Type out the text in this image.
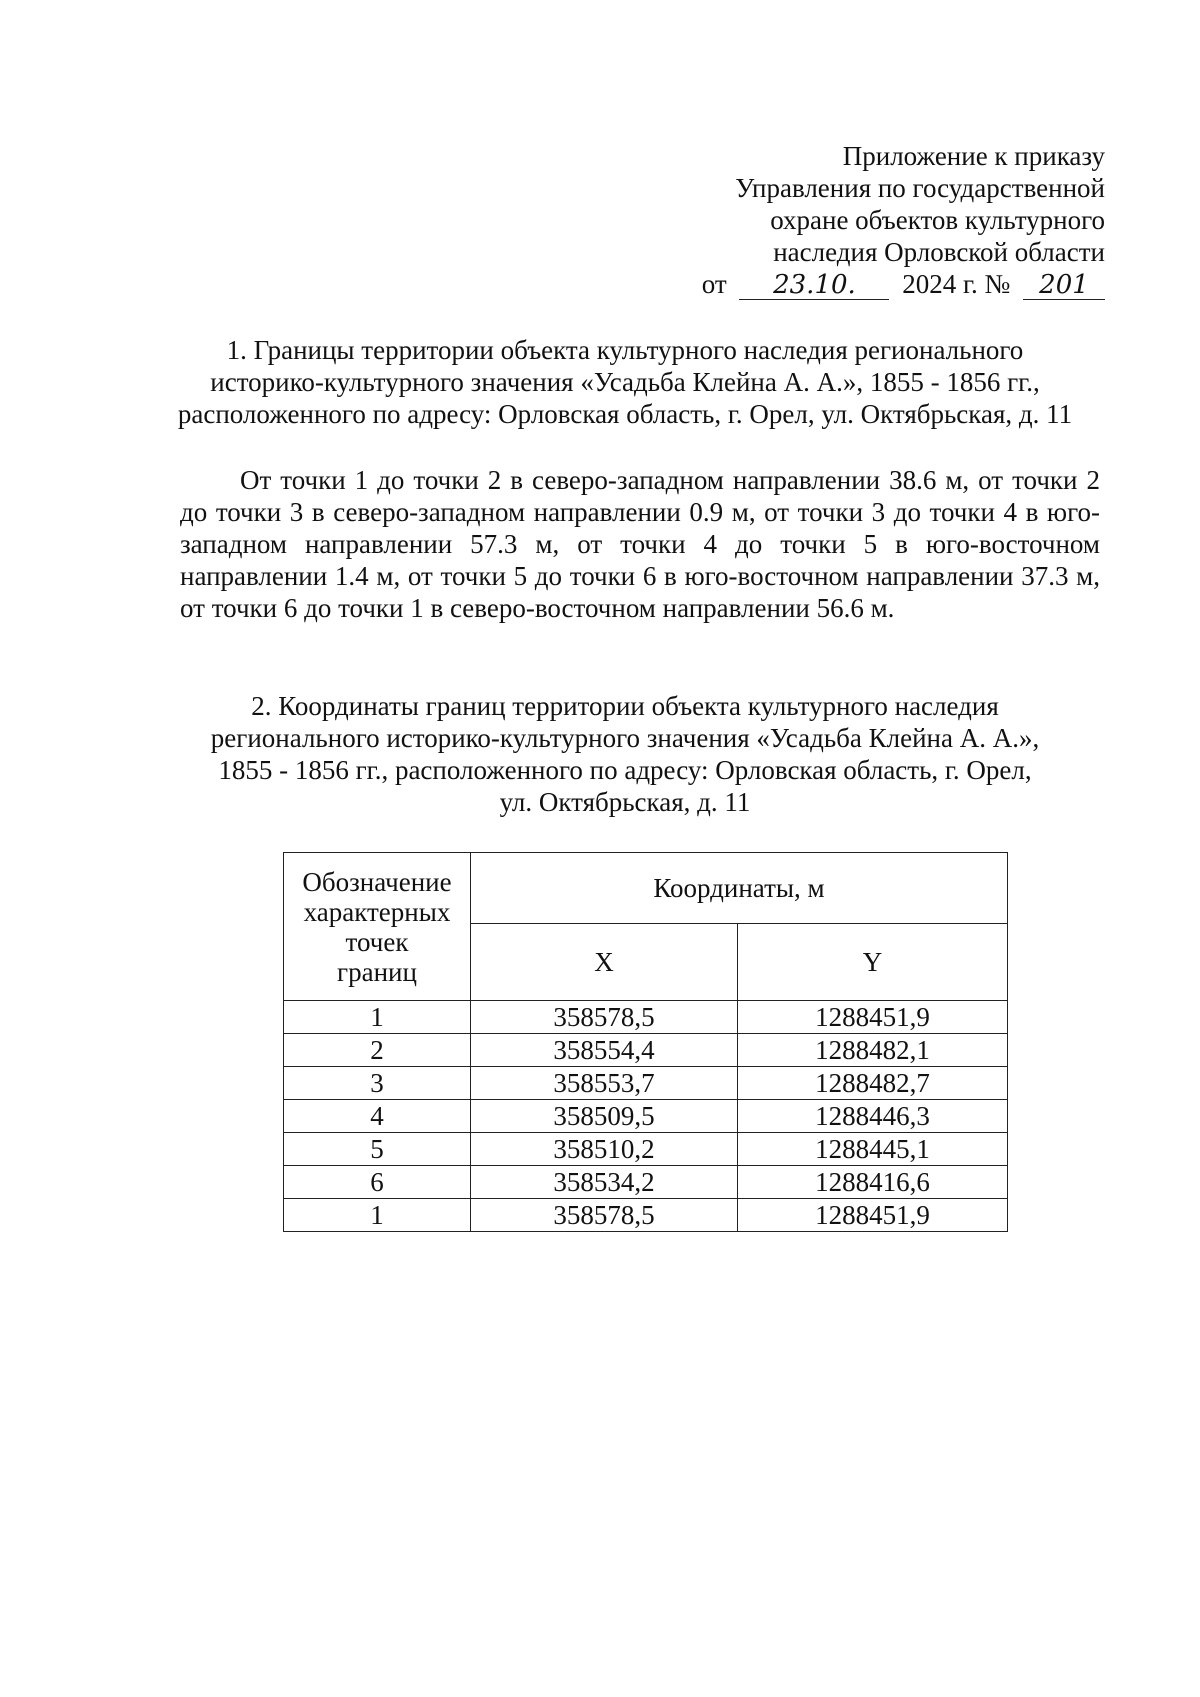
Приложение к приказу
Управления по государственной
охране объектов культурного
наследия Орловской области
от 23.10. 2024 г. № 201
1. Границы территории объекта культурного наследия регионального
историко-культурного значения «Усадьба Клейна А. А.», 1855 - 1856 гг.,
расположенного по адресу: Орловская область, г. Орел, ул. Октябрьская, д. 11

От точки 1 до точки 2 в северо-западном направлении 38.6 м, от точки 2 до точки 3 в северо-западном направлении 0.9 м, от точки 3 до точки 4 в юго-западном направлении 57.3 м, от точки 4 до точки 5 в юго-восточном направлении 1.4 м, от точки 5 до точки 6 в юго-восточном направлении 37.3 м, от точки 6 до точки 1 в северо-восточном направлении 56.6 м.

2. Координаты границ территории объекта культурного наследия
регионального историко-культурного значения «Усадьба Клейна А. А.»,
1855 - 1856 гг., расположенного по адресу: Орловская область, г. Орел,
ул. Октябрьская, д. 11
Обозначение
характерных
точек
границ	Координаты, м	
	X	Y
1	358578,5	1288451,9
2	358554,4	1288482,1
3	358553,7	1288482,7
4	358509,5	1288446,3
5	358510,2	1288445,1
6	358534,2	1288416,6
1	358578,5	1288451,9
